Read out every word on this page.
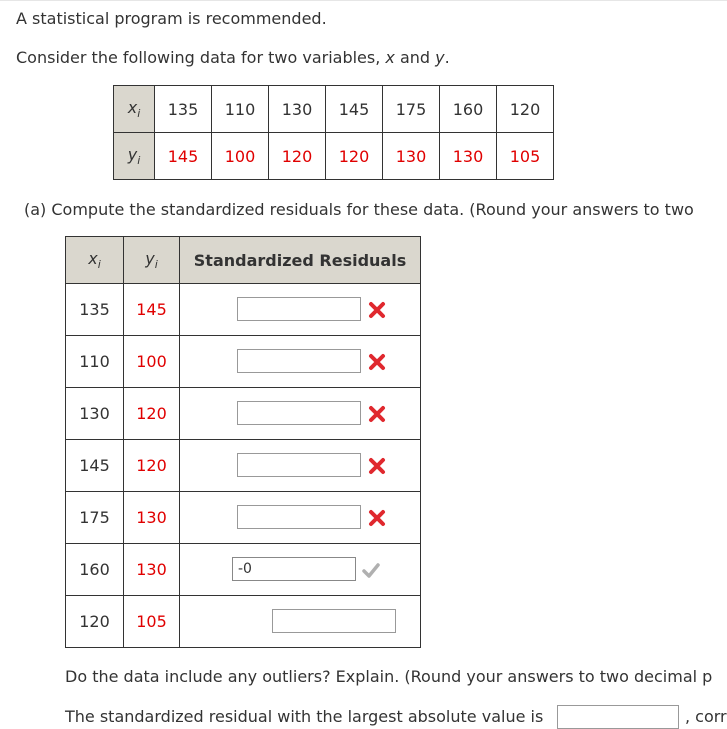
A statistical program is recommended.
Consider the following data for two variables, x and y.
$x_i$	135	110	130	145	175	160	120
$y_i$	145	100	120	120	130	130	105
(a) Compute the standardized residuals for these data. (Round your answers to two
$x_i$	$y_i$	Standardized Residuals
135	145	

110	100	

130	120	

145	120	

175	130	

160	130	-0

120	105	
Do the data include any outliers? Explain. (Round your answers to two decimal p
The standardized residual with the largest absolute value is	, corr
